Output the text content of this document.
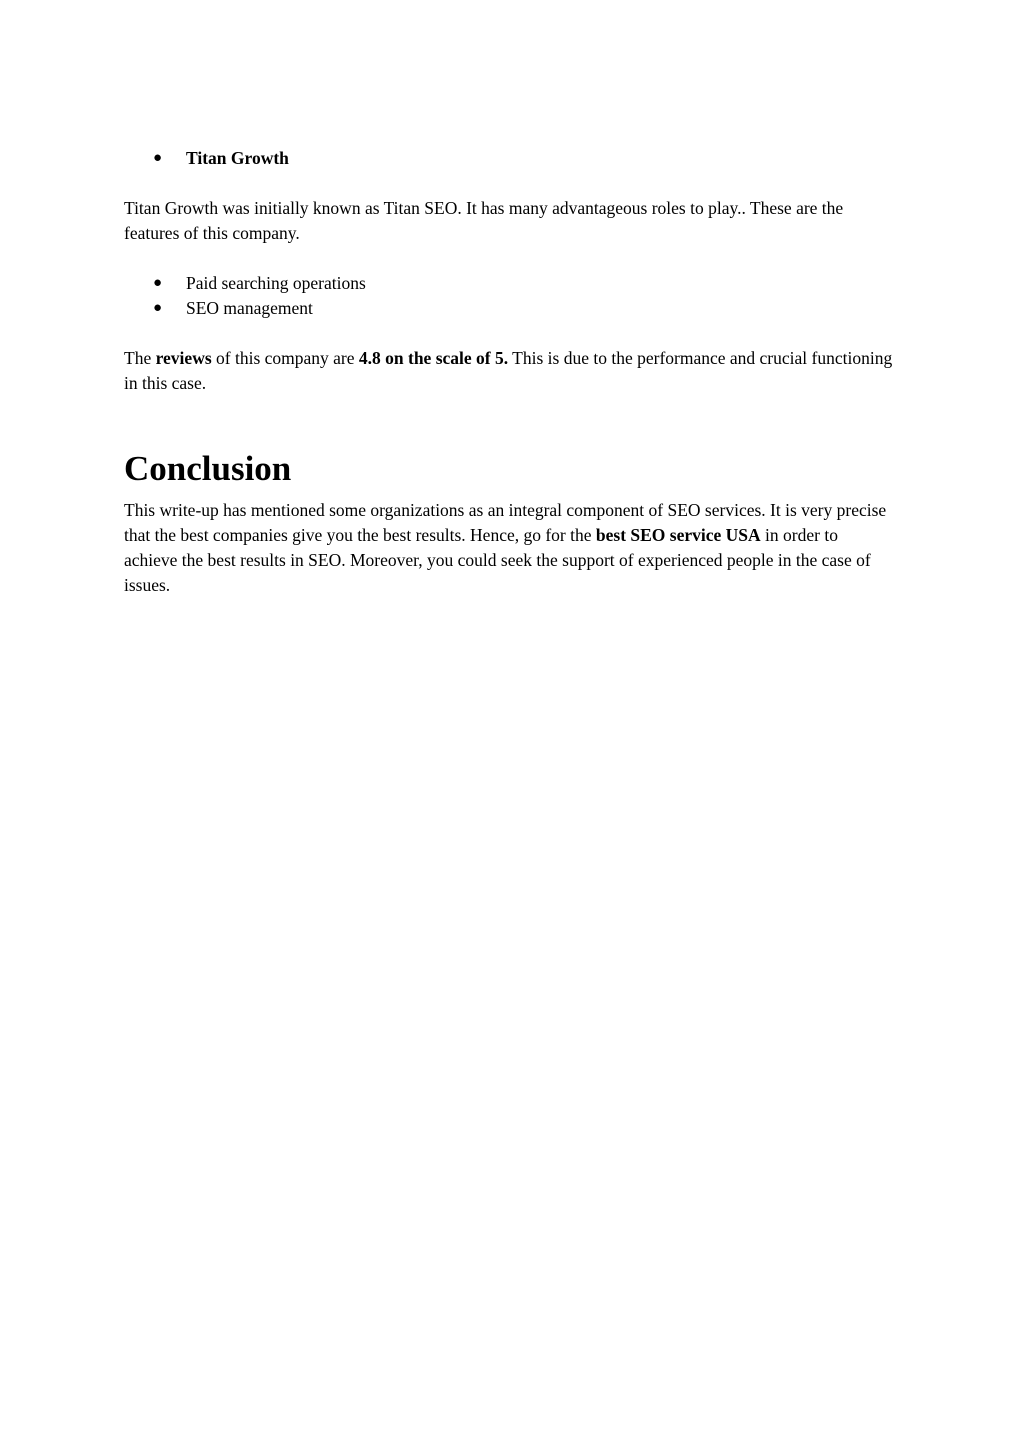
● Titan Growth

Titan Growth was initially known as Titan SEO. It has many advantageous roles to play.. These are the features of this company.

● Paid searching operations
● SEO management

The reviews of this company are 4.8 on the scale of 5. This is due to the performance and crucial functioning in this case.

Conclusion

This write-up has mentioned some organizations as an integral component of SEO services. It is very precise that the best companies give you the best results. Hence, go for the best SEO service USA in order to achieve the best results in SEO. Moreover, you could seek the support of experienced people in the case of issues.
